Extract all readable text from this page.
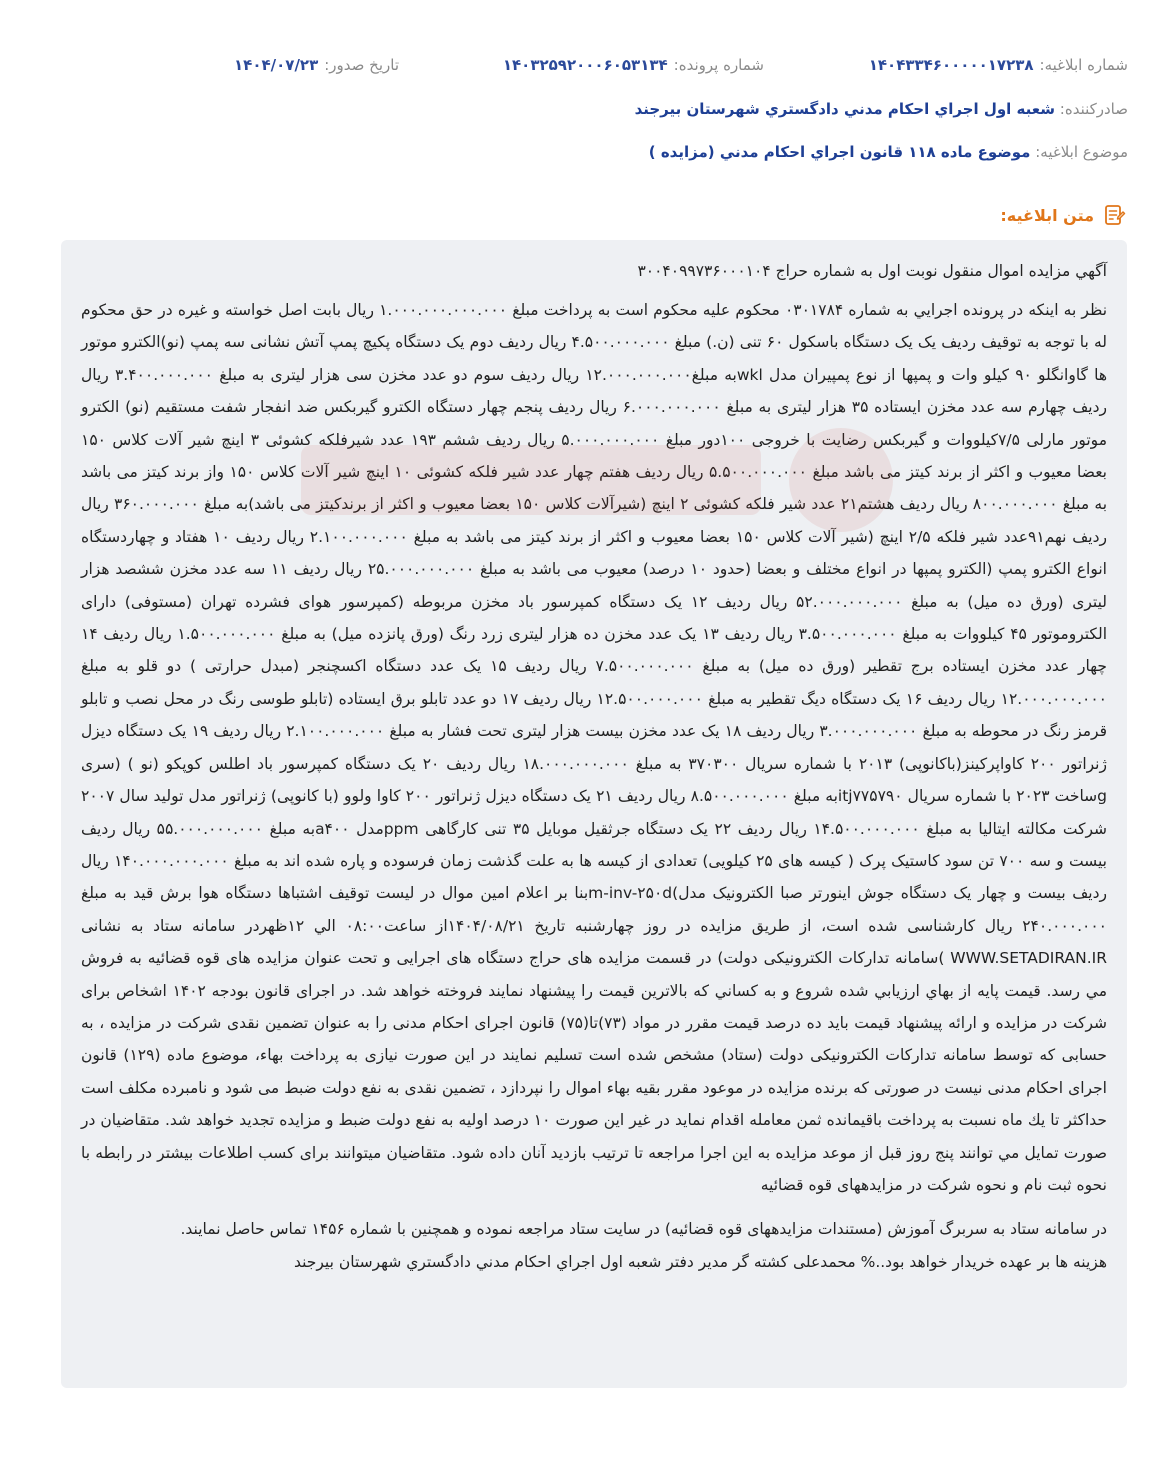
شماره ابلاغیه:
۱۴۰۴۳۳۴۶۰۰۰۰۰۱۷۲۳۸
شماره پرونده:
۱۴۰۳۲۵۹۲۰۰۰۶۰۵۳۱۳۴
تاریخ صدور:
۱۴۰۴/۰۷/۲۳
صادرکننده: شعبه اول اجراي احكام مدني دادگستري شهرستان بيرجند
موضوع ابلاغیه: موضوع ماده ۱۱۸ قانون اجراي احكام مدني (مزايده )
متن ابلاغیه:

آگهي مزايده اموال منقول نوبت اول به شماره حراج ۳۰۰۴۰۹۹۷۳۶۰۰۰۱۰۴

نظر به اینکه در پرونده اجرايي به شماره ۰۳۰۱۷۸۴ محکوم علیه محکوم است به پرداخت مبلغ ۱.۰۰۰.۰۰۰.۰۰۰.۰۰۰ ریال بابت اصل خواسته و غیره در حق محکوم له با توجه به توقیف ردیف یک یک دستگاه باسکول ۶۰ تنی (ن.) مبلغ ۴.۵۰۰.۰۰۰.۰۰۰ ریال ردیف دوم یک دستگاه پکیچ پمپ آتش نشانی سه پمپ (نو)الکترو موتور ها گاوانگلو ۹۰ کیلو وات و پمپها از نوع پمپیران مدل wklبه مبلغ۱۲.۰۰۰.۰۰۰.۰۰۰ ریال ردیف سوم دو عدد مخزن سی هزار لیتری به مبلغ ۳.۴۰۰.۰۰۰.۰۰۰ ریال ردیف چهارم سه عدد مخزن ایستاده ۳۵ هزار لیتری به مبلغ ۶.۰۰۰.۰۰۰.۰۰۰ ریال ردیف پنجم چهار دستگاه الکترو گیربکس ضد انفجار شفت مستقیم (نو) الکترو موتور مارلی ۷/۵کیلووات و گیربکس رضایت با خروجی ۱۰۰دور مبلغ ۵.۰۰۰.۰۰۰.۰۰۰ ریال ردیف ششم ۱۹۳ عدد شیرفلکه کشوئی ۳ اینچ شیر آلات کلاس ۱۵۰ بعضا معیوب و اکثر از برند کیتز می باشد مبلغ ۵.۵۰۰.۰۰۰.۰۰۰ ریال ردیف هفتم چهار عدد شیر فلکه کشوئی ۱۰ اینچ شیر آلات کلاس ۱۵۰ واز برند کیتز می باشد به مبلغ ۸۰۰.۰۰۰.۰۰۰ ریال ردیف هشتم۲۱ عدد شیر فلکه کشوئی ۲ اینچ (شیرآلات کلاس ۱۵۰ بعضا معیوب و اکثر از برندکیتز می باشد)به مبلغ ۳۶۰.۰۰۰.۰۰۰ ریال ردیف نهم۹۱عدد شیر فلکه ۲/۵ اینچ (شیر آلات کلاس ۱۵۰ بعضا معیوب و اکثر از برند کیتز می باشد به مبلغ ۲.۱۰۰.۰۰۰.۰۰۰ ریال ردیف ۱۰ هفتاد و چهاردستگاه انواع الکترو پمپ (الکترو پمپها در انواع مختلف و بعضا (حدود ۱۰ درصد) معیوب می باشد به مبلغ ۲۵.۰۰۰.۰۰۰.۰۰۰ ریال ردیف ۱۱ سه عدد مخزن ششصد هزار لیتری (ورق ده میل) به مبلغ ۵۲.۰۰۰.۰۰۰.۰۰۰ ریال ردیف ۱۲ یک دستگاه کمپرسور باد مخزن مربوطه (کمپرسور هوای فشرده تهران (مستوفی) دارای الکتروموتور ۴۵ کیلووات به مبلغ ۳.۵۰۰.۰۰۰.۰۰۰ ریال ردیف ۱۳ یک عدد مخزن ده هزار لیتری زرد رنگ (ورق پانزده میل) به مبلغ ۱.۵۰۰.۰۰۰.۰۰۰ ریال ردیف ۱۴ چهار عدد مخزن ایستاده برج تقطیر (ورق ده میل) به مبلغ ۷.۵۰۰.۰۰۰.۰۰۰ ریال ردیف ۱۵ یک عدد دستگاه اکسچنجر (مبدل حرارتی ) دو قلو به مبلغ ۱۲.۰۰۰.۰۰۰.۰۰۰ ریال ردیف ۱۶ یک دستگاه دیگ تقطیر به مبلغ ۱۲.۵۰۰.۰۰۰.۰۰۰ ریال ردیف ۱۷ دو عدد تابلو برق ایستاده (تابلو طوسی رنگ در محل نصب و تابلو قرمز رنگ در محوطه به مبلغ ۳.۰۰۰.۰۰۰.۰۰۰ ریال ردیف ۱۸ یک عدد مخزن بیست هزار لیتری تحت فشار به مبلغ ۲.۱۰۰.۰۰۰.۰۰۰ ریال ردیف ۱۹ یک دستگاه دیزل ژنراتور ۲۰۰ کاواپرکینز(باکانوپی) ۲۰۱۳ با شماره سریال ۳۷۰۳۰۰ به مبلغ ۱۸.۰۰۰.۰۰۰.۰۰۰ ریال ردیف ۲۰ یک دستگاه کمپرسور باد اطلس کوپکو (نو ) (سری gساخت ۲۰۲۳ با شماره سریال itj۷۷۵۷۹۰به مبلغ ۸.۵۰۰.۰۰۰.۰۰۰ ریال ردیف ۲۱ یک دستگاه دیزل ژنراتور ۲۰۰ کاوا ولوو (با کانوپی) ژنراتور مدل تولید سال ۲۰۰۷ شرکت مکالته ایتالیا به مبلغ ۱۴.۵۰۰.۰۰۰.۰۰۰ ریال ردیف ۲۲ یک دستگاه جرثقیل موبایل ۳۵ تنی کارگاهی ppmمدل a۴۰۰به مبلغ ۵۵.۰۰۰.۰۰۰.۰۰۰ ریال ردیف بیست و سه ۷۰۰ تن سود کاستیک پرک ( کیسه های ۲۵ کیلویی) تعدادی از کیسه ها به علت گذشت زمان فرسوده و پاره شده اند به مبلغ ۱۴۰.۰۰۰.۰۰۰.۰۰۰ ریال ردیف بیست و چهار یک دستگاه جوش اینورتر صبا الکترونیک مدل)m-inv-۲۵۰dبنا بر اعلام امین موال در لیست توقیف اشتباها دستگاه هوا برش قید به مبلغ ۲۴۰.۰۰۰.۰۰۰ ریال کارشناسی شده است، از طريق مزايده در روز چهارشنبه تاریخ ۱۴۰۴/۰۸/۲۱از ساعت۰۸:۰۰ الي ۱۲ظهردر سامانه ستاد به نشانی WWW.SETADIRAN.IR )سامانه تدارکات الکترونیکی دولت) در قسمت مزایده های حراج دستگاه های اجرایی و تحت عنوان مزایده های قوه قضائیه به فروش مي رسد. قیمت پایه از بهاي ارزيابي شده شروع و به كساني كه بالاترين قيمت را پيشنهاد نمايند فروخته خواهد شد. در اجرای قانون بودجه ۱۴۰۲ اشخاص برای شرکت در مزایده و ارائه پیشنهاد قیمت باید ده درصد قیمت مقرر در مواد (۷۳)تا(۷۵) قانون اجرای احکام مدنی را به عنوان تضمین نقدی شرکت در مزایده ، به حسابی که توسط سامانه تدارکات الکترونیکی دولت (ستاد) مشخص شده است تسلیم نمایند در این صورت نیازی به پرداخت بهاء، موضوع ماده (۱۲۹) قانون اجرای احکام مدنی نیست در صورتی که برنده مزایده در موعود مقرر بقیه بهاء اموال را نپردازد ، تضمین نقدی به نفع دولت ضبط می شود و نامبرده مکلف است حداکثر تا یك ماه نسبت به پرداخت باقیمانده ثمن معامله اقدام نماید در غیر این صورت ۱۰ درصد اولیه به نفع دولت ضبط و مزایده تجدید خواهد شد. متقاضيان در صورت تمایل مي توانند پنج روز قبل از موعد مزايده به اين اجرا مراجعه تا ترتيب بازديد آنان داده شود. متقاضیان میتوانند برای کسب اطلاعات بیشتر در رابطه با نحوه ثبت نام و نحوه شرکت در مزایدههای قوه قضائیه

در سامانه ستاد به سربرگ آموزش (مستندات مزایدههای قوه قضائیه) در سایت ستاد مراجعه نموده و همچنین با شماره ۱۴۵۶ تماس حاصل نمایند.
هزينه ها بر عهده خريدار خواهد بود..% محمدعلی کشته گر مدير دفتر شعبه اول اجراي احكام مدني دادگستري شهرستان بيرجند
